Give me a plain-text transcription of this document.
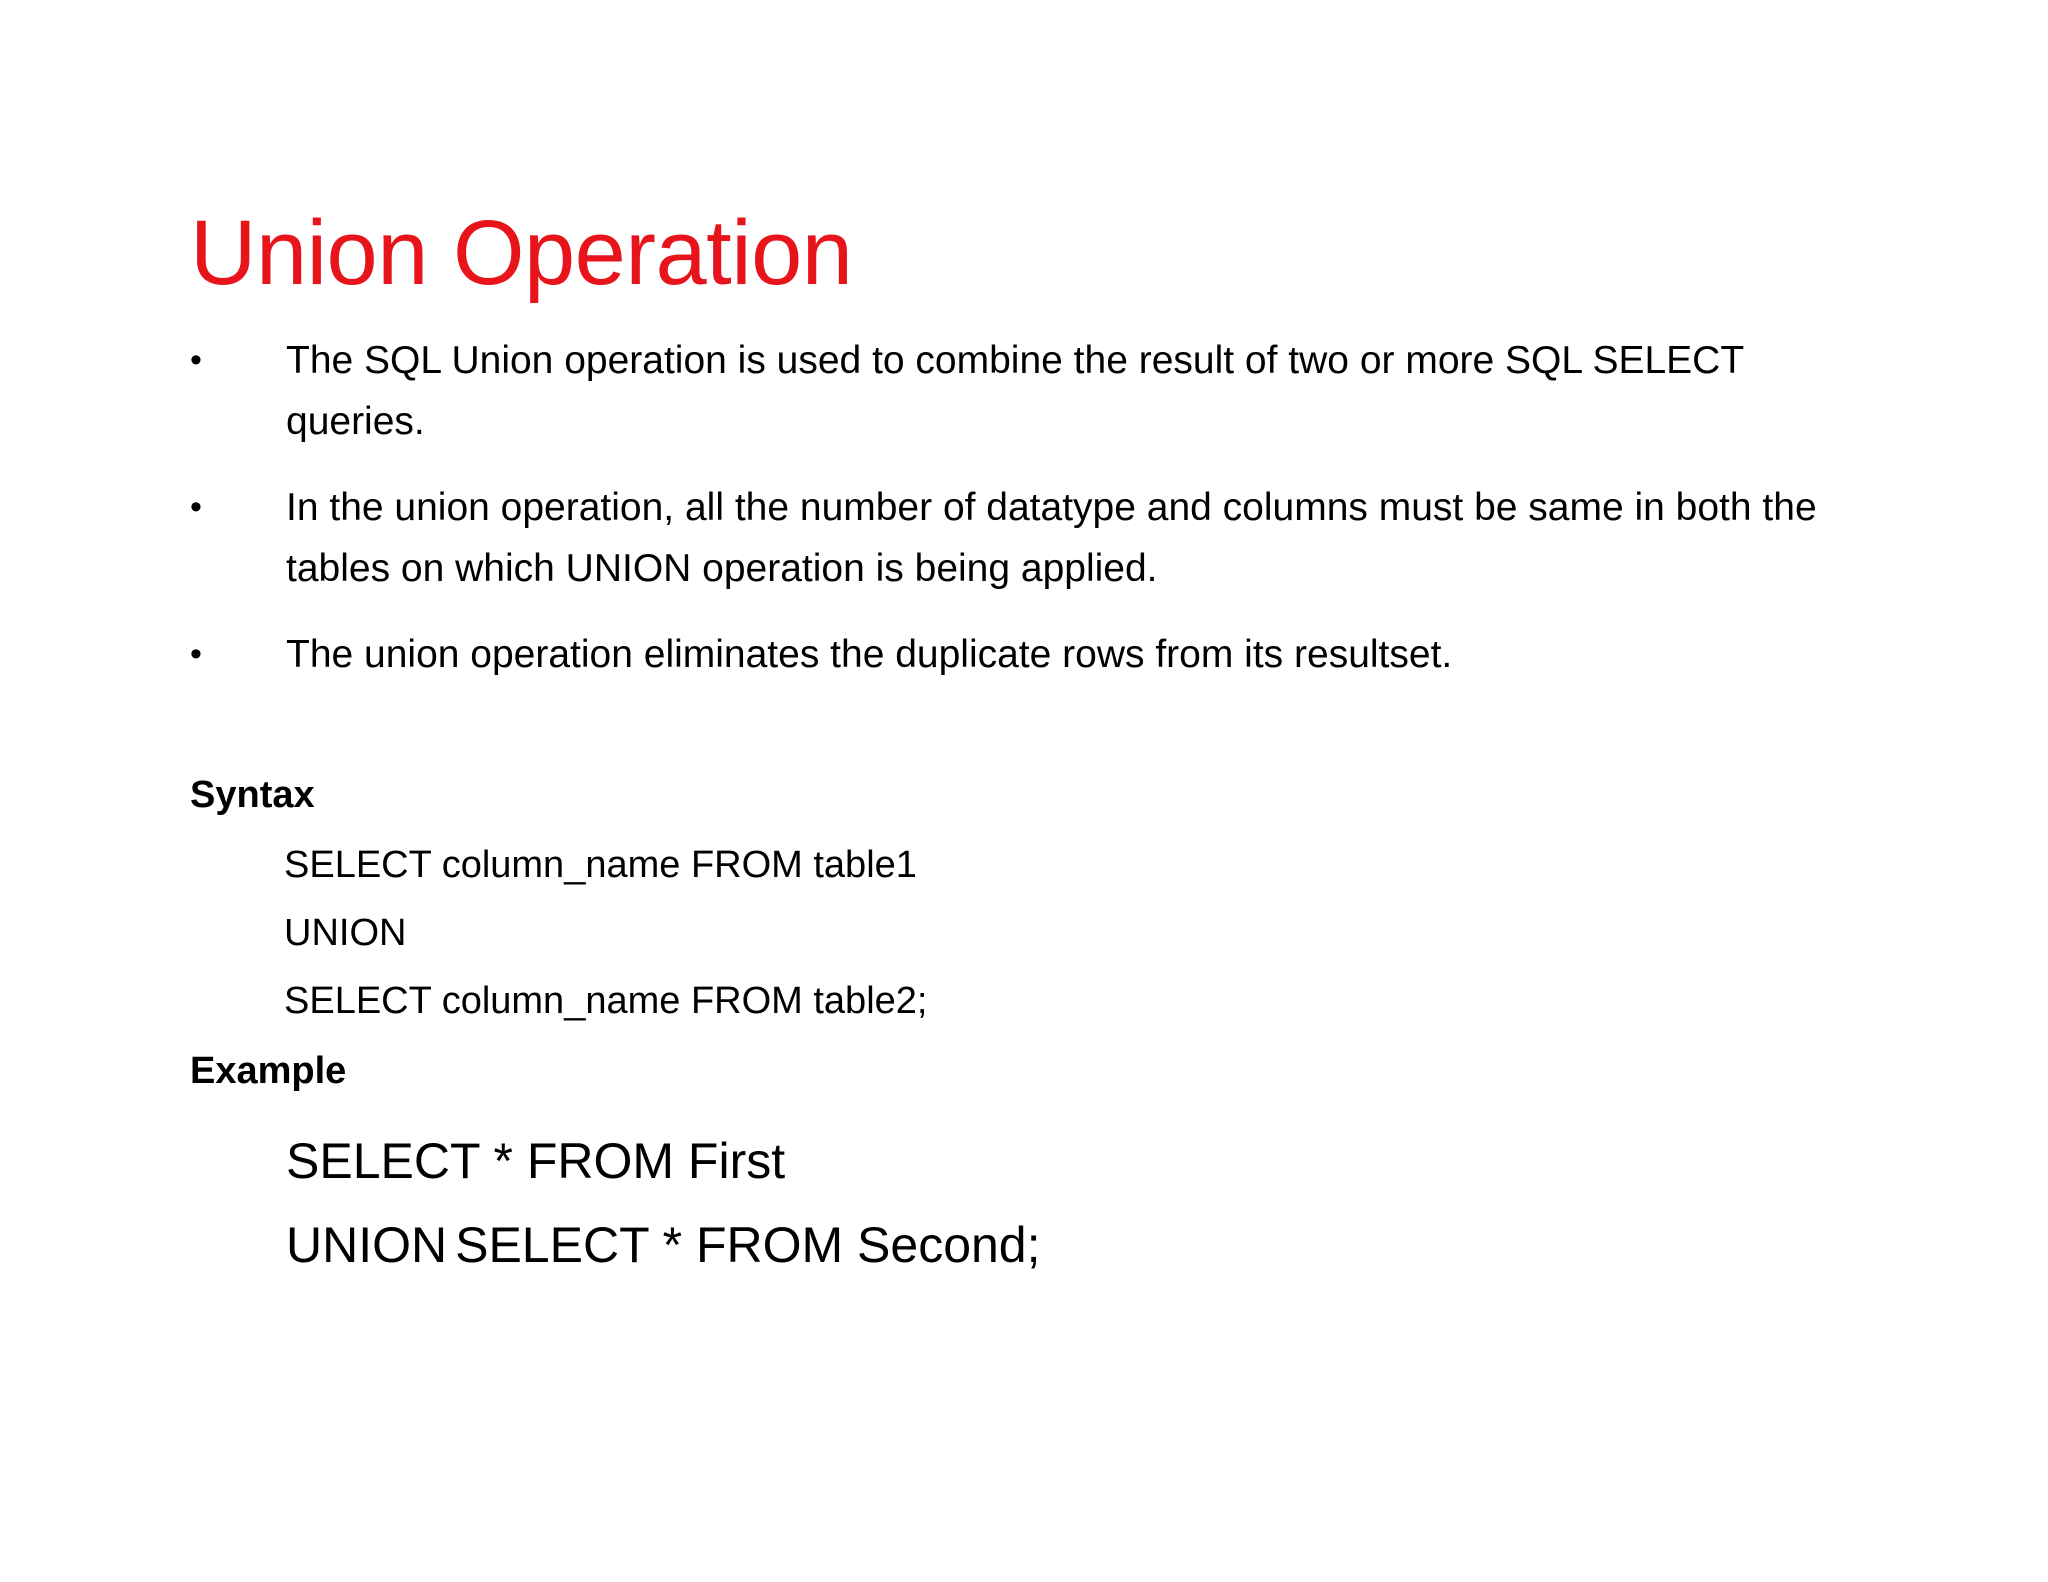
Union Operation
•	The SQL Union operation is used to combine the result of two or more SQL SELECT queries.
•	In the union operation, all the number of datatype and columns must be same in both the tables on which UNION operation is being applied.
•	The union operation eliminates the duplicate rows from its resultset.
Syntax
SELECT column_name FROM table1
UNION
SELECT column_name FROM table2;
Example
SELECT * FROM First
UNION SELECT * FROM Second;
